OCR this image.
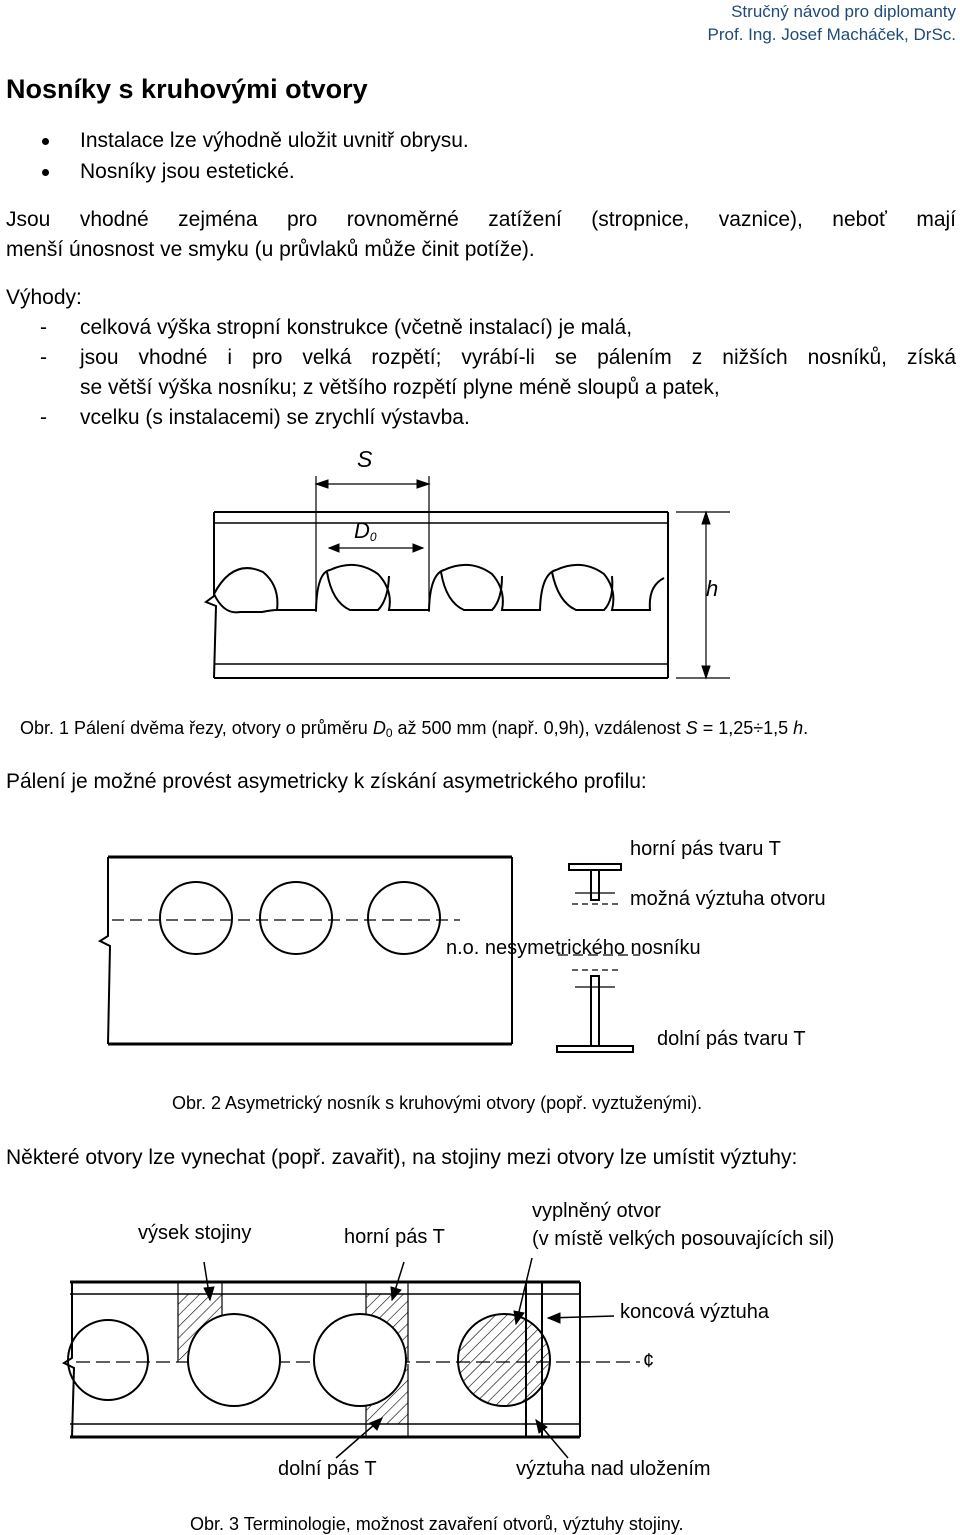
Stručný návod pro diplomanty
Prof. Ing. Josef Macháček, DrSc.
Nosníky s kruhovými otvory
Instalace lze výhodně uložit uvnitř obrysu.
Nosníky jsou estetické.
Jsou vhodné zejména pro rovnoměrné zatížení (stropnice, vaznice), neboť mají
menší únosnost ve smyku (u průvlaků může činit potíže).
Výhody:
- celková výška stropní konstrukce (včetně instalací) je malá,
- jsou vhodné i pro velká rozpětí; vyrábí-li se pálením z nižších nosníků, získá
se větší výška nosníku; z většího rozpětí plyne méně sloupů a patek,
- vcelku (s instalacemi) se zrychlí výstavba.
S
$D_0$
h
Obr. 1 Pálení dvěma řezy, otvory o průměru $D_0$ až 500 mm (např. 0,9h), vzdálenost S = 1,25÷1,5 h.
Pálení je možné provést asymetricky k získání asymetrického profilu:
horní pás tvaru T
možná výztuha otvoru
n.o. nesymetrického nosníku
dolní pás tvaru T
Obr. 2 Asymetrický nosník s kruhovými otvory (popř. vyztuženými).
Některé otvory lze vynechat (popř. zavařit), na stojiny mezi otvory lze umístit výztuhy:
výsek stojiny	horní pás T
vyplněný otvor
(v místě velkých posouvajících sil)
koncová výztuha
¢
dolní pás T	výztuha nad uložením
Obr. 3 Terminologie, možnost zavaření otvorů, výztuhy stojiny.
